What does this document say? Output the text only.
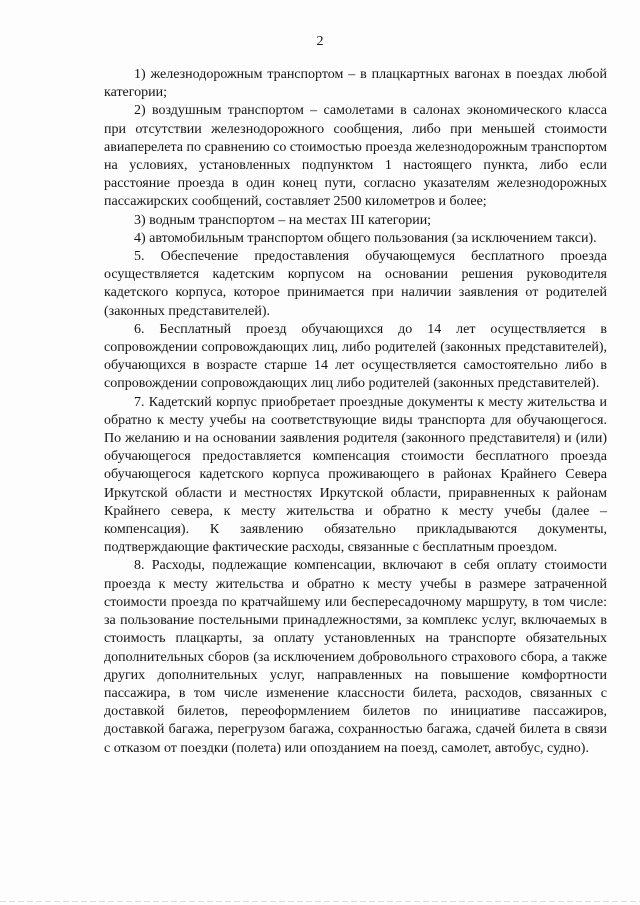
2

1) железнодорожным транспортом – в плацкартных вагонах в поездах любой категории;

2) воздушным транспортом – самолетами в салонах экономического класса при отсутствии железнодорожного сообщения, либо при меньшей стоимости авиаперелета по сравнению со стоимостью проезда железнодорожным транспортом на условиях, установленных подпунктом 1 настоящего пункта, либо если расстояние проезда в один конец пути, согласно указателям железнодорожных пассажирских сообщений, составляет 2500 километров и более;

3) водным транспортом – на местах III категории;

4) автомобильным транспортом общего пользования (за исключением такси).

5. Обеспечение предоставления обучающемуся бесплатного проезда осуществляется кадетским корпусом на основании решения руководителя кадетского корпуса, которое принимается при наличии заявления от родителей (законных представителей).

6. Бесплатный проезд обучающихся до 14 лет осуществляется в сопровождении сопровождающих лиц, либо родителей (законных представителей), обучающихся в возрасте старше 14 лет осуществляется самостоятельно либо в сопровождении сопровождающих лиц либо родителей (законных представителей).

7. Кадетский корпус приобретает проездные документы к месту жительства и обратно к месту учебы на соответствующие виды транспорта для обучающегося. По желанию и на основании заявления родителя (законного представителя) и (или) обучающегося предоставляется компенсация стоимости бесплатного проезда обучающегося кадетского корпуса проживающего в районах Крайнего Севера Иркутской области и местностях Иркутской области, приравненных к районам Крайнего севера, к месту жительства и обратно к месту учебы (далее – компенсация). К заявлению обязательно прикладываются документы, подтверждающие фактические расходы, связанные с бесплатным проездом.

8. Расходы, подлежащие компенсации, включают в себя оплату стоимости проезда к месту жительства и обратно к месту учебы в размере затраченной стоимости проезда по кратчайшему или беспересадочному маршруту, в том числе: за пользование постельными принадлежностями, за комплекс услуг, включаемых в стоимость плацкарты, за оплату установленных на транспорте обязательных дополнительных сборов (за исключением добровольного страхового сбора, а также других дополнительных услуг, направленных на повышение комфортности пассажира, в том числе изменение классности билета, расходов, связанных с доставкой билетов, переоформлением билетов по инициативе пассажиров, доставкой багажа, перегрузом багажа, сохранностью багажа, сдачей билета в связи с отказом от поездки (полета) или опозданием на поезд, самолет, автобус, судно).
